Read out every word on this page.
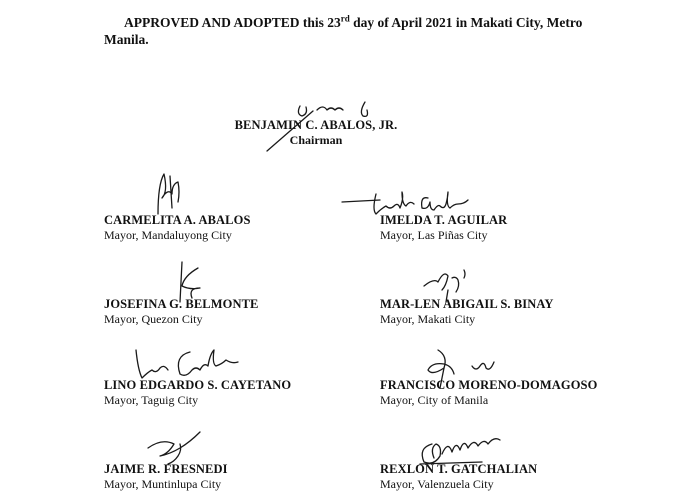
APPROVED AND ADOPTED this 23rd day of April 2021 in Makati City, Metro
Manila.
BENJAMIN C. ABALOS, JR.
Chairman
CARMELITA A. ABALOS
Mayor, Mandaluyong City
IMELDA T. AGUILAR
Mayor, Las Piñas City
JOSEFINA G. BELMONTE
Mayor, Quezon City
MAR-LEN ABIGAIL S. BINAY
Mayor, Makati City
LINO EDGARDO S. CAYETANO
Mayor, Taguig City
FRANCISCO MORENO-DOMAGOSO
Mayor, City of Manila
JAIME R. FRESNEDI
Mayor, Muntinlupa City
REXLON T. GATCHALIAN
Mayor, Valenzuela City
